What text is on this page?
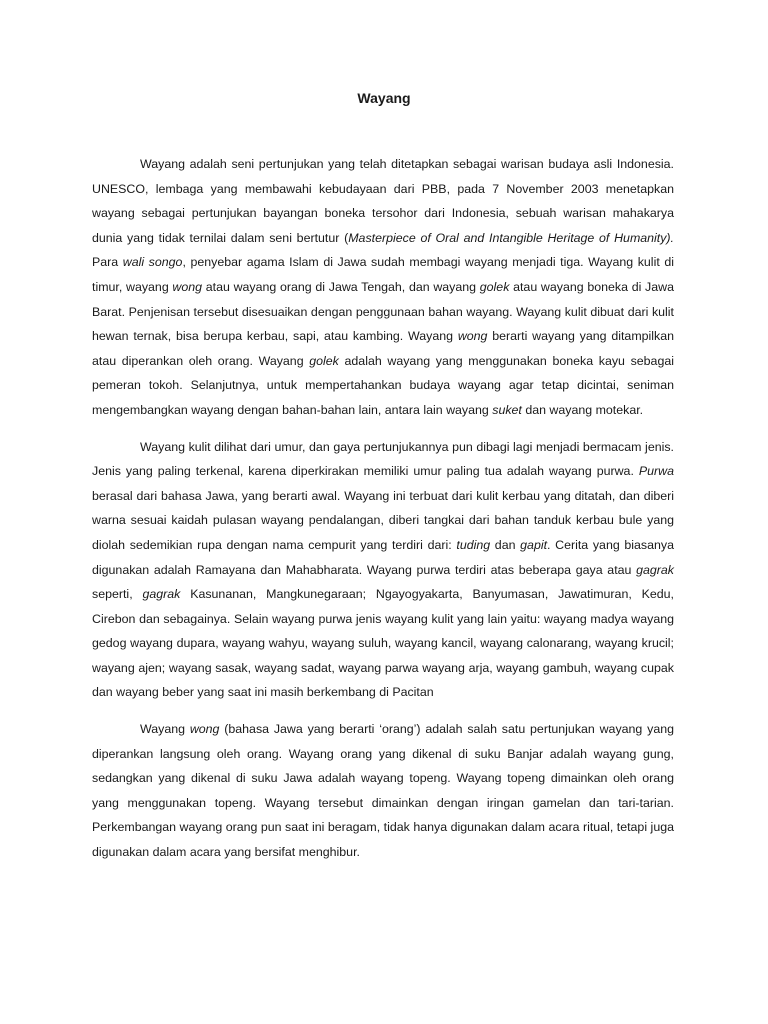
Wayang

Wayang adalah seni pertunjukan yang telah ditetapkan sebagai warisan budaya asli Indonesia. UNESCO, lembaga yang membawahi kebudayaan dari PBB, pada 7 November 2003 menetapkan wayang sebagai pertunjukan bayangan boneka tersohor dari Indonesia, sebuah warisan mahakarya dunia yang tidak ternilai dalam seni bertutur (Masterpiece of Oral and Intangible Heritage of Humanity). Para wali songo, penyebar agama Islam di Jawa sudah membagi wayang menjadi tiga. Wayang kulit di timur, wayang wong atau wayang orang di Jawa Tengah, dan wayang golek atau wayang boneka di Jawa Barat. Penjenisan tersebut disesuaikan dengan penggunaan bahan wayang. Wayang kulit dibuat dari kulit hewan ternak, bisa berupa kerbau, sapi, atau kambing. Wayang wong berarti wayang yang ditampilkan atau diperankan oleh orang. Wayang golek adalah wayang yang menggunakan boneka kayu sebagai pemeran tokoh. Selanjutnya, untuk mempertahankan budaya wayang agar tetap dicintai, seniman mengembangkan wayang dengan bahan-bahan lain, antara lain wayang suket dan wayang motekar.

Wayang kulit dilihat dari umur, dan gaya pertunjukannya pun dibagi lagi menjadi bermacam jenis. Jenis yang paling terkenal, karena diperkirakan memiliki umur paling tua adalah wayang purwa. Purwa berasal dari bahasa Jawa, yang berarti awal. Wayang ini terbuat dari kulit kerbau yang ditatah, dan diberi warna sesuai kaidah pulasan wayang pendalangan, diberi tangkai dari bahan tanduk kerbau bule yang diolah sedemikian rupa dengan nama cempurit yang terdiri dari: tuding dan gapit. Cerita yang biasanya digunakan adalah Ramayana dan Mahabharata. Wayang purwa terdiri atas beberapa gaya atau gagrak seperti, gagrak Kasunanan, Mangkunegaraan; Ngayogyakarta, Banyumasan, Jawatimuran, Kedu, Cirebon dan sebagainya. Selain wayang purwa jenis wayang kulit yang lain yaitu: wayang madya wayang gedog wayang dupara, wayang wahyu, wayang suluh, wayang kancil, wayang calonarang, wayang krucil; wayang ajen; wayang sasak, wayang sadat, wayang parwa wayang arja, wayang gambuh, wayang cupak dan wayang beber yang saat ini masih berkembang di Pacitan

Wayang wong (bahasa Jawa yang berarti ‘orang’) adalah salah satu pertunjukan wayang yang diperankan langsung oleh orang. Wayang orang yang dikenal di suku Banjar adalah wayang gung, sedangkan yang dikenal di suku Jawa adalah wayang topeng. Wayang topeng dimainkan oleh orang yang menggunakan topeng. Wayang tersebut dimainkan dengan iringan gamelan dan tari-tarian. Perkembangan wayang orang pun saat ini beragam, tidak hanya digunakan dalam acara ritual, tetapi juga digunakan dalam acara yang bersifat menghibur.
